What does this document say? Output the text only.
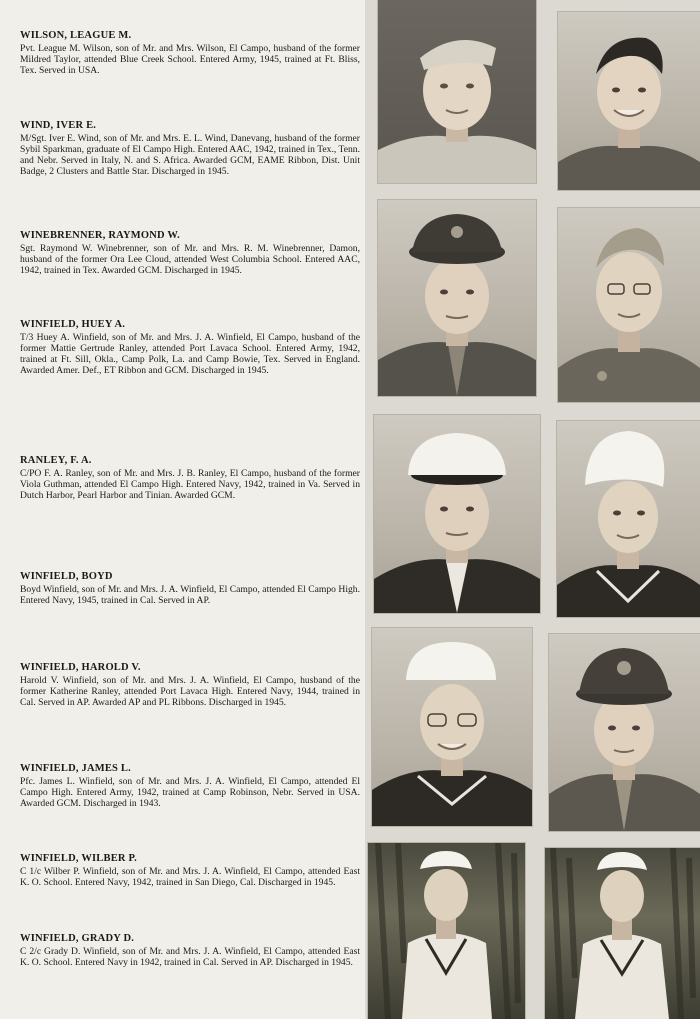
WILSON, LEAGUE M.

Pvt. League M. Wilson, son of Mr. and Mrs. Wilson, El Campo, husband of the former Mildred Taylor, attended Blue Creek School. Entered Army, 1945, trained at Ft. Bliss, Tex. Served in USA.

WIND, IVER E.

M/Sgt. Iver E. Wind, son of Mr. and Mrs. E. L. Wind, Danevang, husband of the former Sybil Sparkman, graduate of El Campo High. Entered AAC, 1942, trained in Tex., Tenn. and Nebr. Served in Italy, N. and S. Africa. Awarded GCM, EAME Ribbon, Dist. Unit Badge, 2 Clusters and Battle Star. Discharged in 1945.

WINEBRENNER, RAYMOND W.

Sgt. Raymond W. Winebrenner, son of Mr. and Mrs. R. M. Winebrenner, Damon, husband of the former Ora Lee Cloud, attended West Columbia School. Entered AAC, 1942, trained in Tex. Awarded GCM. Discharged in 1945.

WINFIELD, HUEY A.

T/3 Huey A. Winfield, son of Mr. and Mrs. J. A. Winfield, El Campo, husband of the former Mattie Gertrude Ranley, attended Port Lavaca School. Entered Army, 1942, trained at Ft. Sill, Okla., Camp Polk, La. and Camp Bowie, Tex. Served in England. Awarded Amer. Def., ET Ribbon and GCM. Discharged in 1945.

RANLEY, F. A.

C/PO F. A. Ranley, son of Mr. and Mrs. J. B. Ranley, El Campo, husband of the former Viola Guthman, attended El Campo High. Entered Navy, 1942, trained in Va. Served in Dutch Harbor, Pearl Harbor and Tinian. Awarded GCM.

WINFIELD, BOYD

Boyd Winfield, son of Mr. and Mrs. J. A. Winfield, El Campo, attended El Campo High. Entered Navy, 1945, trained in Cal. Served in AP.

WINFIELD, HAROLD V.

Harold V. Winfield, son of Mr. and Mrs. J. A. Winfield, El Campo, husband of the former Katherine Ranley, attended Port Lavaca High. Entered Navy, 1944, trained in Cal. Served in AP. Awarded AP and PL Ribbons. Discharged in 1945.

WINFIELD, JAMES L.

Pfc. James L. Winfield, son of Mr. and Mrs. J. A. Winfield, El Campo, attended El Campo High. Entered Army, 1942, trained at Camp Robinson, Nebr. Served in USA. Awarded GCM. Discharged in 1943.

WINFIELD, WILBER P.

C 1/c Wilber P. Winfield, son of Mr. and Mrs. J. A. Winfield, El Campo, attended East K. O. School. Entered Navy, 1942, trained in San Diego, Cal. Discharged in 1945.

WINFIELD, GRADY D.

C 2/c Grady D. Winfield, son of Mr. and Mrs. J. A. Winfield, El Campo, attended East K. O. School. Entered Navy in 1942, trained in Cal. Served in AP. Discharged in 1945.
